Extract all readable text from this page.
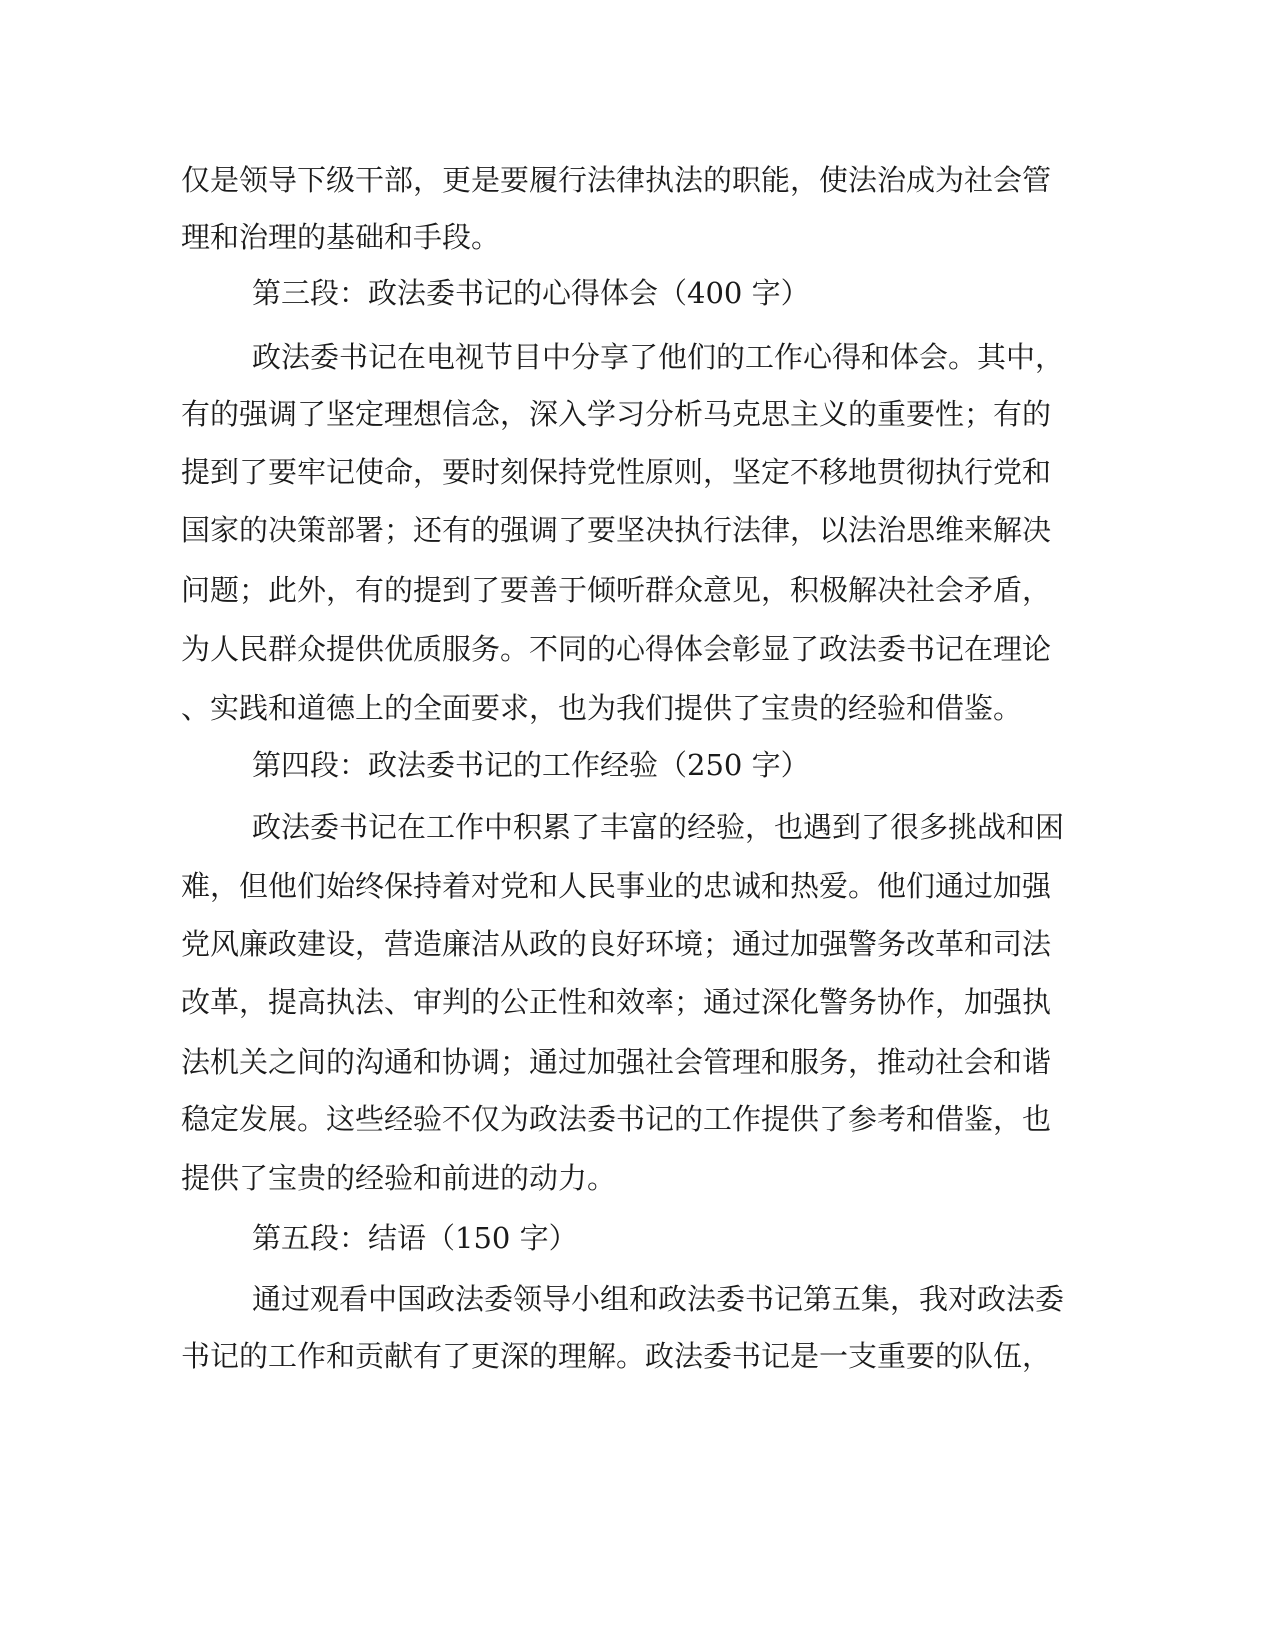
仅是领导下级干部，更是要履行法律执法的职能，使法治成为社会管

理和治理的基础和手段。

第三段：政法委书记的心得体会（400 字）

政法委书记在电视节目中分享了他们的工作心得和体会。其中，

有的强调了坚定理想信念，深入学习分析马克思主义的重要性；有的

提到了要牢记使命，要时刻保持党性原则，坚定不移地贯彻执行党和

国家的决策部署；还有的强调了要坚决执行法律，以法治思维来解决

问题；此外，有的提到了要善于倾听群众意见，积极解决社会矛盾，

为人民群众提供优质服务。不同的心得体会彰显了政法委书记在理论

、实践和道德上的全面要求，也为我们提供了宝贵的经验和借鉴。

第四段：政法委书记的工作经验（250 字）

政法委书记在工作中积累了丰富的经验，也遇到了很多挑战和困

难，但他们始终保持着对党和人民事业的忠诚和热爱。他们通过加强

党风廉政建设，营造廉洁从政的良好环境；通过加强警务改革和司法

改革，提高执法、审判的公正性和效率；通过深化警务协作，加强执

法机关之间的沟通和协调；通过加强社会管理和服务，推动社会和谐

稳定发展。这些经验不仅为政法委书记的工作提供了参考和借鉴，也

提供了宝贵的经验和前进的动力。

第五段：结语（150 字）

通过观看中国政法委领导小组和政法委书记第五集，我对政法委

书记的工作和贡献有了更深的理解。政法委书记是一支重要的队伍，
